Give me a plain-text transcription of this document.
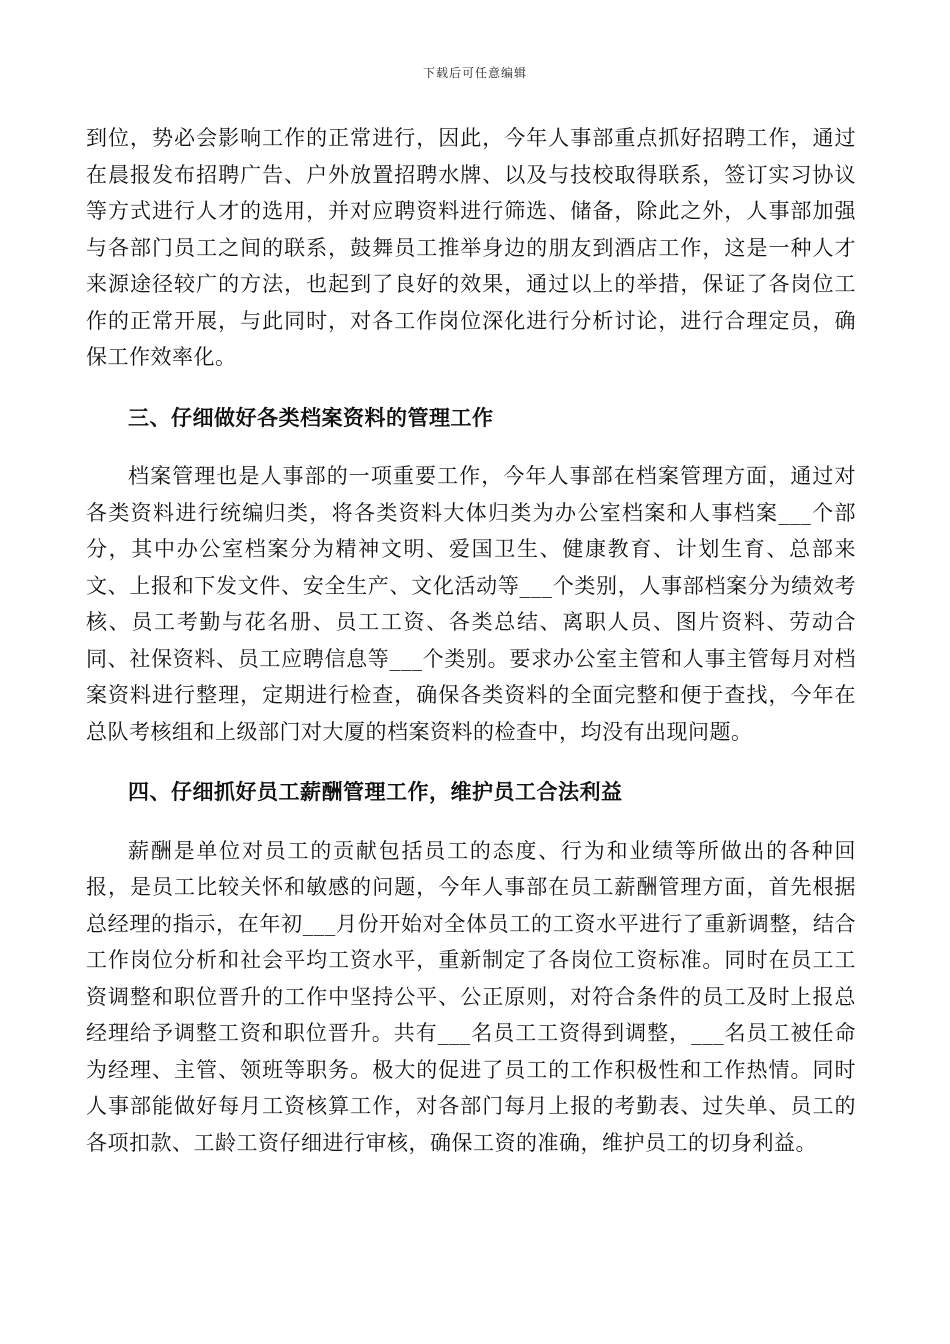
下载后可任意编辑

到位，势必会影响工作的正常进行，因此，今年人事部重点抓好招聘工作，通过在晨报发布招聘广告、户外放置招聘水牌、以及与技校取得联系，签订实习协议等方式进行人才的选用，并对应聘资料进行筛选、储备，除此之外，人事部加强与各部门员工之间的联系，鼓舞员工推举身边的朋友到酒店工作，这是一种人才来源途径较广的方法，也起到了良好的效果，通过以上的举措，保证了各岗位工作的正常开展，与此同时，对各工作岗位深化进行分析讨论，进行合理定员，确保工作效率化。

三、仔细做好各类档案资料的管理工作

档案管理也是人事部的一项重要工作，今年人事部在档案管理方面，通过对各类资料进行统编归类，将各类资料大体归类为办公室档案和人事档案___个部分，其中办公室档案分为精神文明、爱国卫生、健康教育、计划生育、总部来文、上报和下发文件、安全生产、文化活动等___个类别，人事部档案分为绩效考核、员工考勤与花名册、员工工资、各类总结、离职人员、图片资料、劳动合同、社保资料、员工应聘信息等___个类别。要求办公室主管和人事主管每月对档案资料进行整理，定期进行检查，确保各类资料的全面完整和便于查找，今年在总队考核组和上级部门对大厦的档案资料的检查中，均没有出现问题。

四、仔细抓好员工薪酬管理工作，维护员工合法利益

薪酬是单位对员工的贡献包括员工的态度、行为和业绩等所做出的各种回报，是员工比较关怀和敏感的问题，今年人事部在员工薪酬管理方面，首先根据总经理的指示，在年初___月份开始对全体员工的工资水平进行了重新调整，结合工作岗位分析和社会平均工资水平，重新制定了各岗位工资标准。同时在员工工资调整和职位晋升的工作中坚持公平、公正原则，对符合条件的员工及时上报总经理给予调整工资和职位晋升。共有___名员工工资得到调整，___名员工被任命为经理、主管、领班等职务。极大的促进了员工的工作积极性和工作热情。同时人事部能做好每月工资核算工作，对各部门每月上报的考勤表、过失单、员工的各项扣款、工龄工资仔细进行审核，确保工资的准确，维护员工的切身利益。
